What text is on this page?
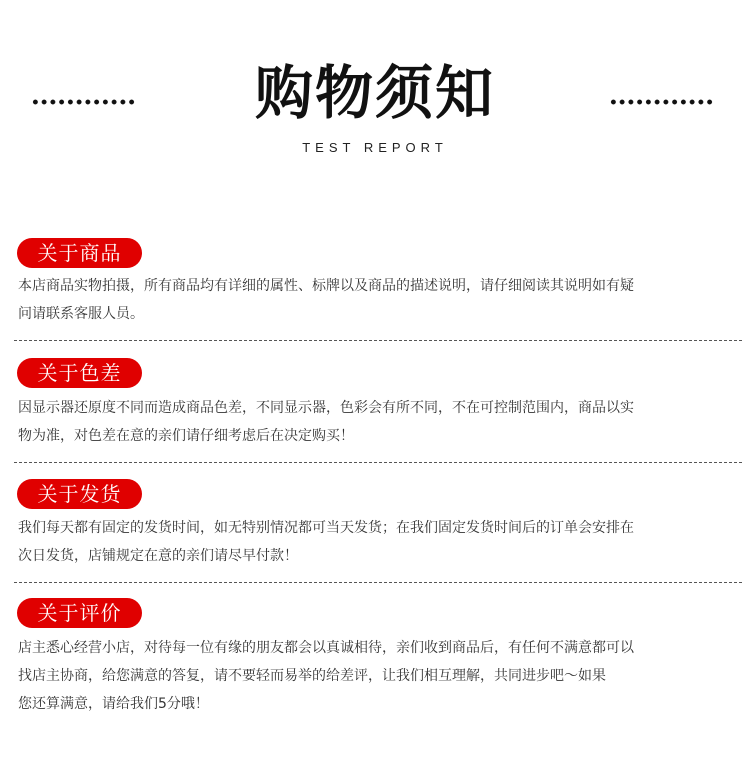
购物须知
TEST REPORT
关于商品
本店商品实物拍摄，所有商品均有详细的属性、标牌以及商品的描述说明，请仔细阅读其说明如有疑
问请联系客服人员。
关于色差
因显示器还原度不同而造成商品色差，不同显示器，色彩会有所不同，不在可控制范围内，商品以实
物为准，对色差在意的亲们请仔细考虑后在决定购买！
关于发货
我们每天都有固定的发货时间，如无特别情况都可当天发货；在我们固定发货时间后的订单会安排在
次日发货，店铺规定在意的亲们请尽早付款！
关于评价
店主悉心经营小店，对待每一位有缘的朋友都会以真诚相待，亲们收到商品后，有任何不满意都可以
找店主协商，给您满意的答复，请不要轻而易举的给差评，让我们相互理解，共同进步吧～如果
您还算满意，请给我们5分哦！
